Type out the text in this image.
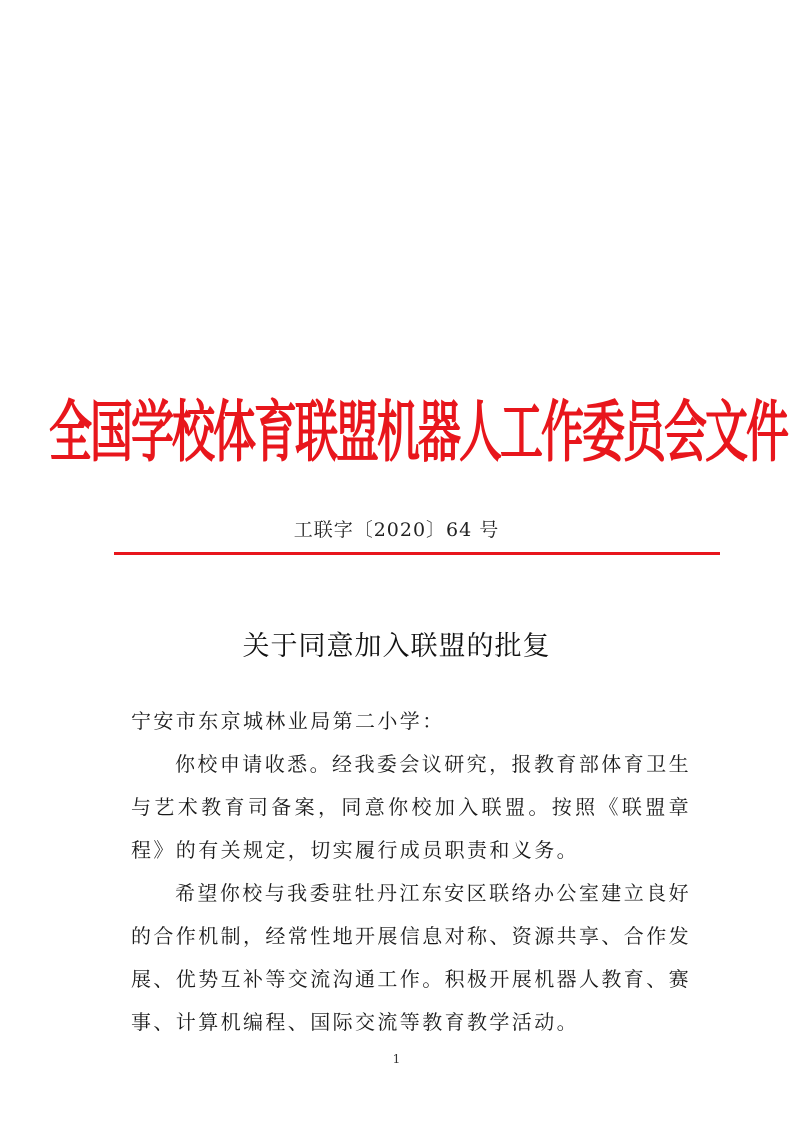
全国学校体育联盟机器人工作委员会文件
工联字〔2020〕64 号
关于同意加入联盟的批复

宁安市东京城林业局第二小学：

你校申请收悉。经我委会议研究，报教育部体育卫生与艺术教育司备案，同意你校加入联盟。按照《联盟章程》的有关规定，切实履行成员职责和义务。

希望你校与我委驻牡丹江东安区联络办公室建立良好的合作机制，经常性地开展信息对称、资源共享、合作发展、优势互补等交流沟通工作。积极开展机器人教育、赛事、计算机编程、国际交流等教育教学活动。

1
